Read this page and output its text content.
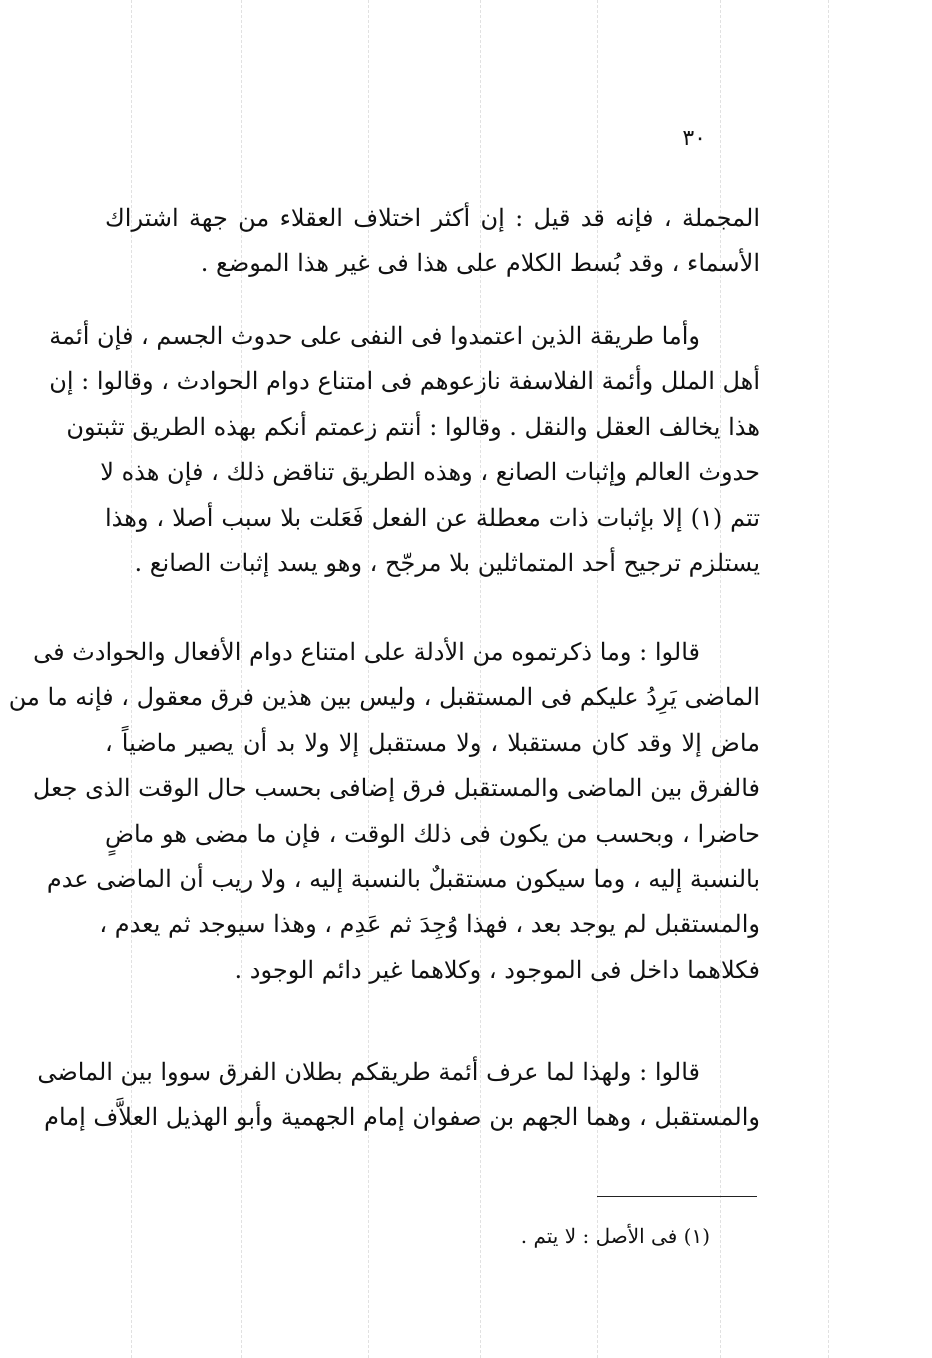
٣٠
المجملة ، فإنه قد قيل : إن أكثر اختلاف العقلاء من جهة اشتراك
الأسماء ، وقد بُسط الكلام على هذا فى غير هذا الموضع .
وأما طريقة الذين اعتمدوا فى النفى على حدوث الجسم ، فإن أئمة
أهل الملل وأئمة الفلاسفة نازعوهم فى امتناع دوام الحوادث ، وقالوا : إن
هذا يخالف العقل والنقل . وقالوا : أنتم زعمتم أنكم بهذه الطريق تثبتون
حدوث العالم وإثبات الصانع ، وهذه الطريق تناقض ذلك ، فإن هذه لا
تتم (١) إلا بإثبات ذات معطلة عن الفعل فَعَلت بلا سبب أصلا ، وهذا
يستلزم ترجيح أحد المتماثلين بلا مرجّح ، وهو يسد إثبات الصانع .
قالوا : وما ذكرتموه من الأدلة على امتناع دوام الأفعال والحوادث فى
الماضى يَرِدُ عليكم فى المستقبل ، وليس بين هذين فرق معقول ، فإنه ما من
ماض إلا وقد كان مستقبلا ، ولا مستقبل إلا ولا بد أن يصير ماضياً ،
فالفرق بين الماضى والمستقبل فرق إضافى بحسب حال الوقت الذى جعل
حاضرا ، وبحسب من يكون فى ذلك الوقت ، فإن ما مضى هو ماضٍ
بالنسبة إليه ، وما سيكون مستقبلٌ بالنسبة إليه ، ولا ريب أن الماضى عدم
والمستقبل لم يوجد بعد ، فهذا وُجِدَ ثم عَدِم ، وهذا سيوجد ثم يعدم ،
فكلاهما داخل فى الموجود ، وكلاهما غير دائم الوجود .
قالوا : ولهذا لما عرف أئمة طريقكم بطلان الفرق سووا بين الماضى
والمستقبل ، وهما الجهم بن صفوان إمام الجهمية وأبو الهذيل العلاَّف إمام
(١) فى الأصل : لا يتم .
